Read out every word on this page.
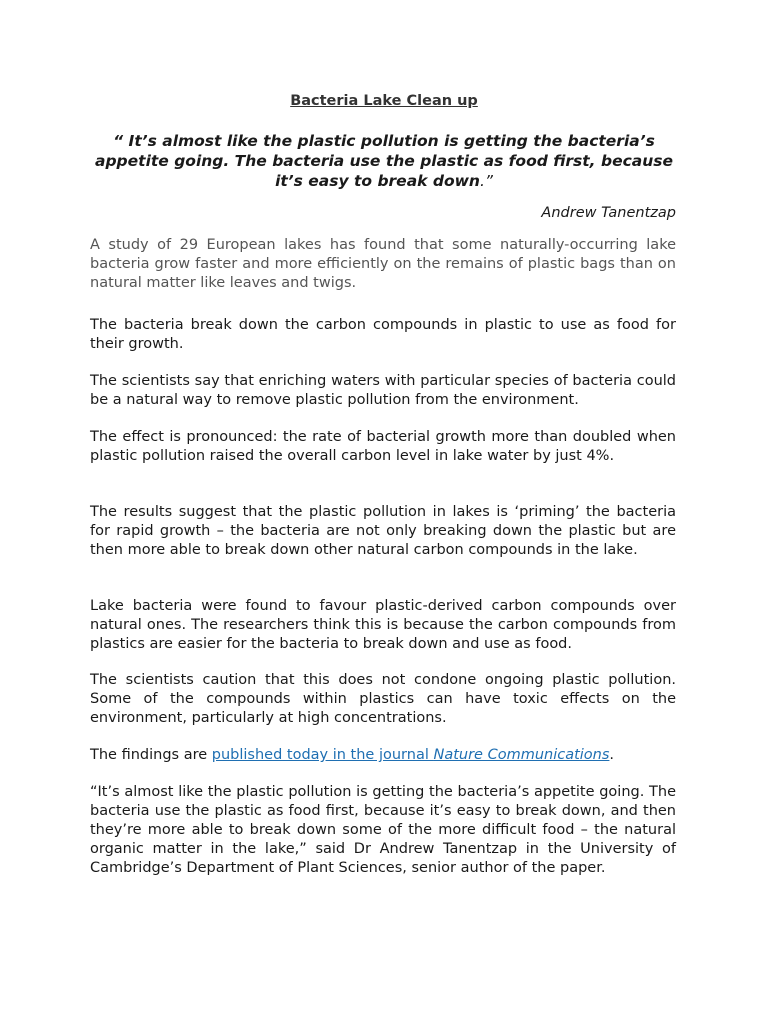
Bacteria Lake Clean up
“ It’s almost like the plastic pollution is getting the bacteria’s appetite going. The bacteria use the plastic as food first, because it’s easy to break down.”
Andrew Tanentzap

A study of 29 European lakes has found that some naturally-occurring lake bacteria grow faster and more efficiently on the remains of plastic bags than on natural matter like leaves and twigs.

The bacteria break down the carbon compounds in plastic to use as food for their growth.

The scientists say that enriching waters with particular species of bacteria could be a natural way to remove plastic pollution from the environment.

The effect is pronounced: the rate of bacterial growth more than doubled when plastic pollution raised the overall carbon level in lake water by just 4%.

The results suggest that the plastic pollution in lakes is ‘priming’ the bacteria for rapid growth – the bacteria are not only breaking down the plastic but are then more able to break down other natural carbon compounds in the lake.

Lake bacteria were found to favour plastic-derived carbon compounds over natural ones. The researchers think this is because the carbon compounds from plastics are easier for the bacteria to break down and use as food.

The scientists caution that this does not condone ongoing plastic pollution. Some of the compounds within plastics can have toxic effects on the environment, particularly at high concentrations.

The findings are published today in the journal Nature Communications.

“It’s almost like the plastic pollution is getting the bacteria’s appetite going. The bacteria use the plastic as food first, because it’s easy to break down, and then they’re more able to break down some of the more difficult food – the natural organic matter in the lake,” said Dr Andrew Tanentzap in the University of Cambridge’s Department of Plant Sciences, senior author of the paper.
